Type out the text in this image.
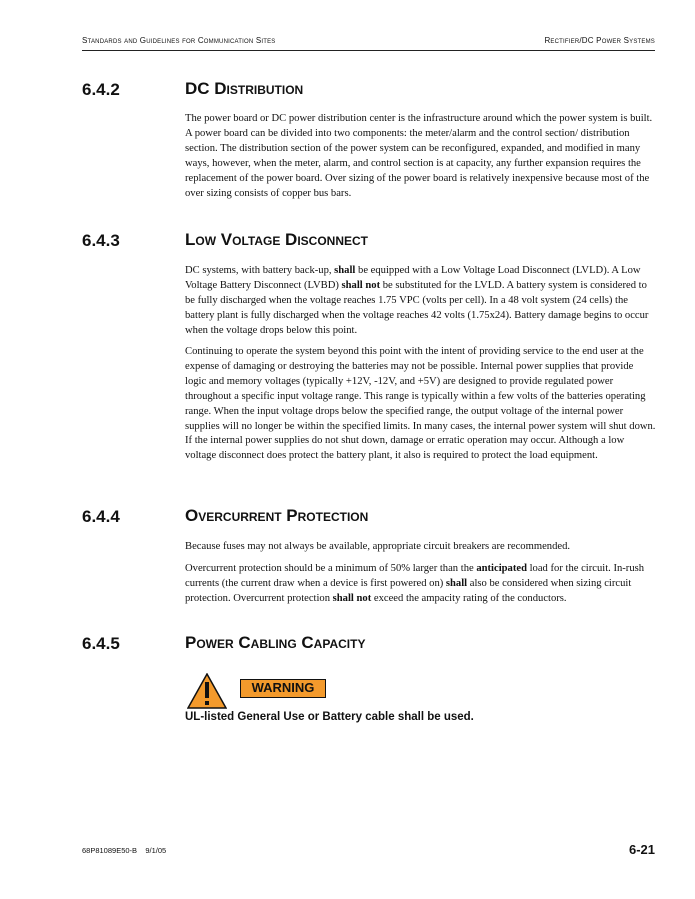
Standards and Guidelines for Communication Sites	Rectifier/DC Power Systems
6.4.2	DC Distribution

The power board or DC power distribution center is the infrastructure around which the power system is built. A power board can be divided into two components: the meter/alarm and the control section/ distribution section. The distribution section of the power system can be reconfigured, expanded, and modified in many ways, however, when the meter, alarm, and control section is at capacity, any further expansion requires the replacement of the power board. Over sizing of the power board is relatively inexpensive because most of the over sizing consists of copper bus bars.

6.4.3	Low Voltage Disconnect

DC systems, with battery back-up, shall be equipped with a Low Voltage Load Disconnect (LVLD). A Low Voltage Battery Disconnect (LVBD) shall not be substituted for the LVLD. A battery system is considered to be fully discharged when the voltage reaches 1.75 VPC (volts per cell). In a 48 volt system (24 cells) the battery plant is fully discharged when the voltage reaches 42 volts (1.75x24). Battery damage begins to occur when the voltage drops below this point.

Continuing to operate the system beyond this point with the intent of providing service to the end user at the expense of damaging or destroying the batteries may not be possible. Internal power supplies that provide logic and memory voltages (typically +12V, -12V, and +5V) are designed to provide regulated power throughout a specific input voltage range. This range is typically within a few volts of the batteries operating range. When the input voltage drops below the specified range, the output voltage of the internal power supplies will no longer be within the specified limits. In many cases, the internal power system will shut down. If the internal power supplies do not shut down, damage or erratic operation may occur. Although a low voltage disconnect does protect the battery plant, it also is required to protect the load equipment.

6.4.4	Overcurrent Protection

Because fuses may not always be available, appropriate circuit breakers are recommended.

Overcurrent protection should be a minimum of 50% larger than the anticipated load for the circuit. In-rush currents (the current draw when a device is first powered on) shall also be considered when sizing circuit protection. Overcurrent protection shall not exceed the ampacity rating of the conductors.

6.4.5	Power Cabling Capacity
WARNING
UL-listed General Use or Battery cable shall be used.
68P81089E50-B    9/1/05	6-21
